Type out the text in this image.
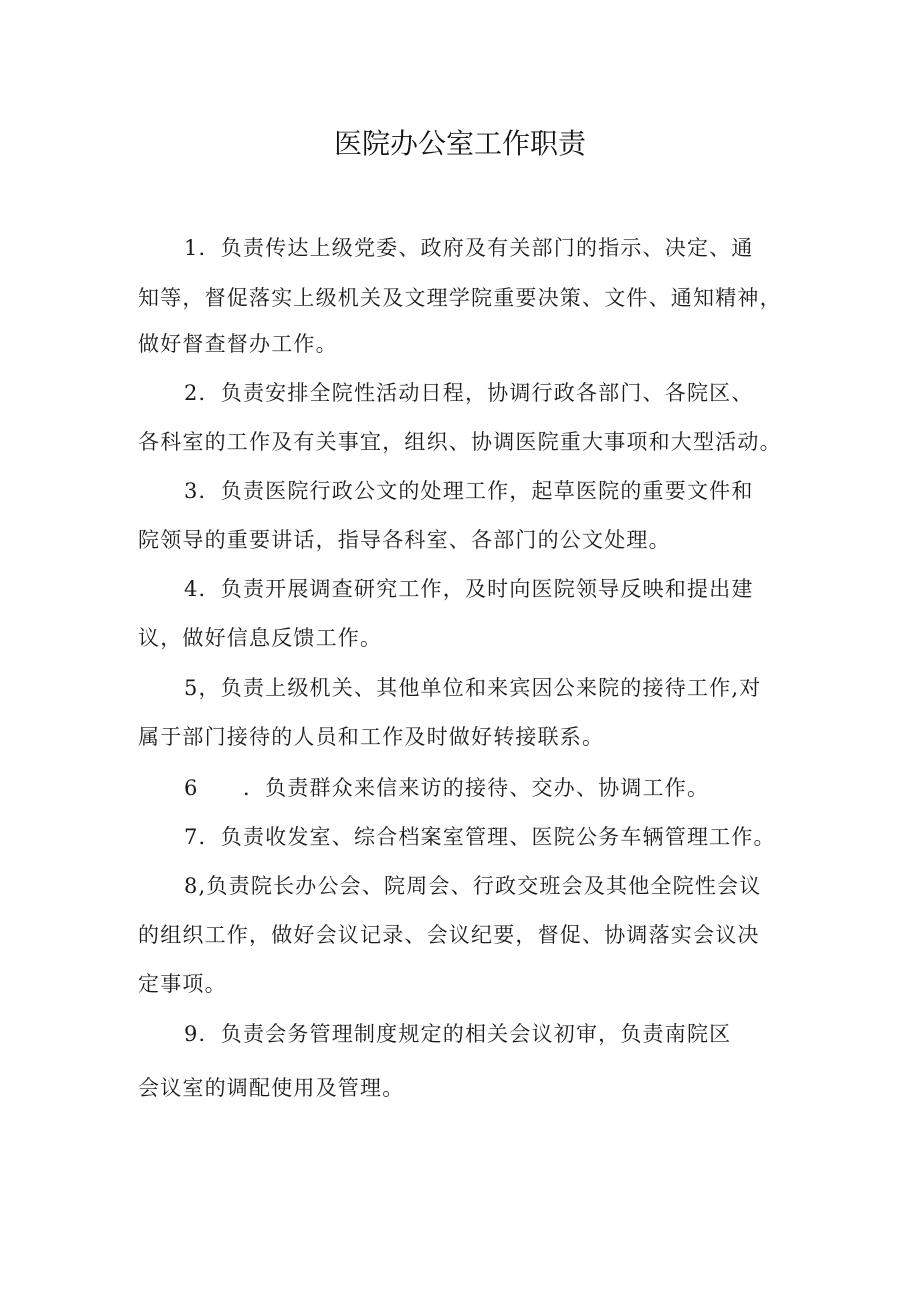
医院办公室工作职责
1．负责传达上级党委、政府及有关部门的指示、决定、通
知等，督促落实上级机关及文理学院重要决策、文件、通知精神，
做好督查督办工作。
2．负责安排全院性活动日程，协调行政各部门、各院区、
各科室的工作及有关事宜，组织、协调医院重大事项和大型活动。
3．负责医院行政公文的处理工作，起草医院的重要文件和
院领导的重要讲话，指导各科室、各部门的公文处理。
4．负责开展调查研究工作，及时向医院领导反映和提出建
议，做好信息反馈工作。
5，负责上级机关、其他单位和来宾因公来院的接待工作,对
属于部门接待的人员和工作及时做好转接联系。
6　　．负责群众来信来访的接待、交办、协调工作。
7．负责收发室、综合档案室管理、医院公务车辆管理工作。
8,负责院长办公会、院周会、行政交班会及其他全院性会议
的组织工作，做好会议记录、会议纪要，督促、协调落实会议决
定事项。
9．负责会务管理制度规定的相关会议初审，负责南院区
会议室的调配使用及管理。
